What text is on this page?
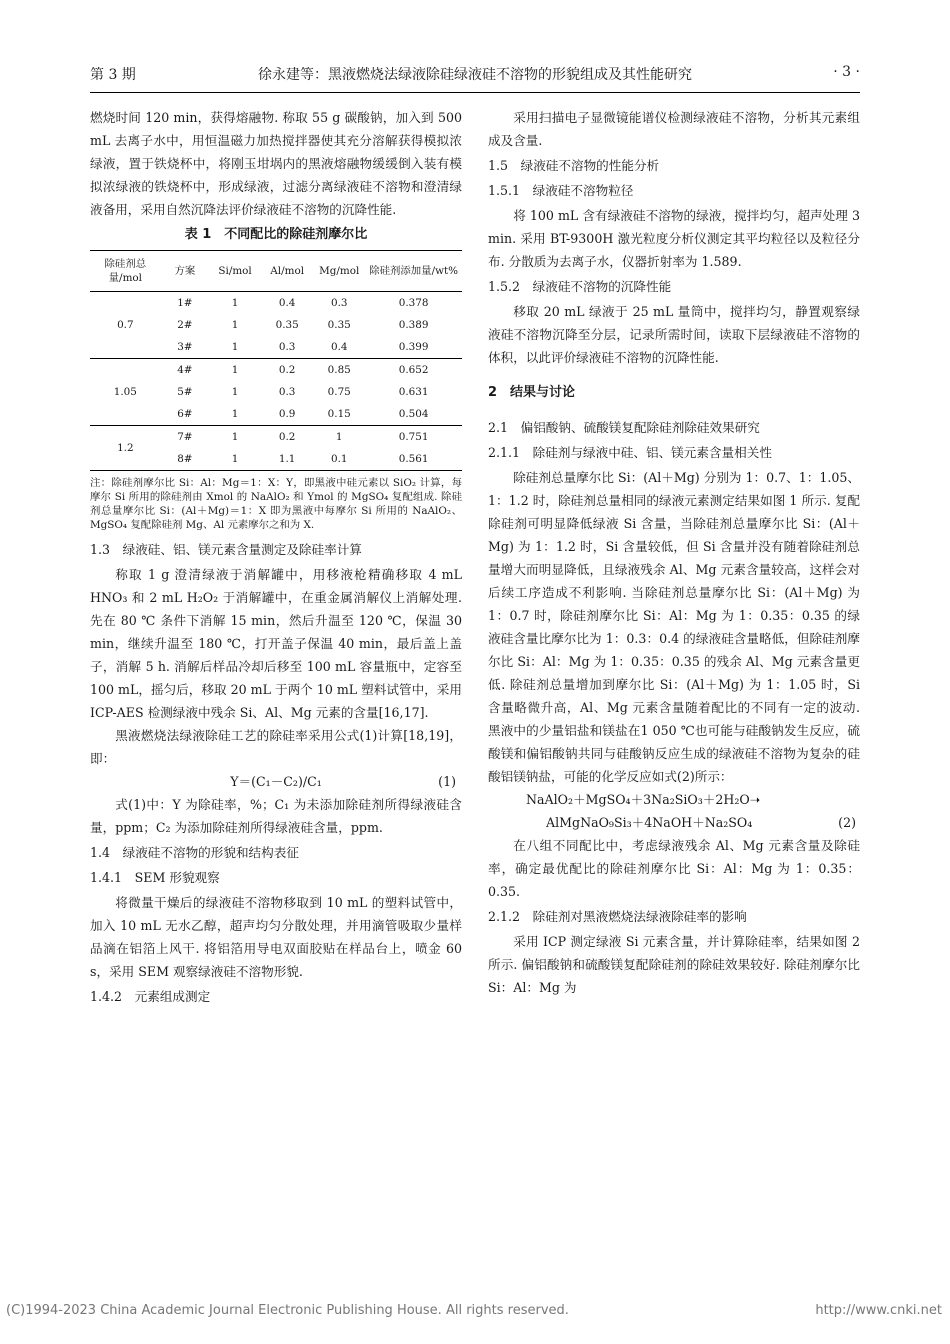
第 3 期	徐永建等：黑液燃烧法绿液除硅绿液硅不溶物的形貌组成及其性能研究	· 3 ·

燃烧时间 120 min，获得熔融物. 称取 55 g 碳酸钠，加入到 500 mL 去离子水中，用恒温磁力加热搅拌器使其充分溶解获得模拟浓绿液，置于铁烧杯中，将刚玉坩埚内的黑液熔融物缓缓倒入装有模拟浓绿液的铁烧杯中，形成绿液，过滤分离绿液硅不溶物和澄清绿液备用，采用自然沉降法评价绿液硅不溶物的沉降性能.

表 1　不同配比的除硅剂摩尔比
除硅剂总量/mol	方案	Si/mol	Al/mol	Mg/mol	除硅剂添加量/wt%
0.7	1#	1	0.4	0.3	0.378
	2#	1	0.35	0.35	0.389
	3#	1	0.3	0.4	0.399
1.05	4#	1	0.2	0.85	0.652
	5#	1	0.3	0.75	0.631
	6#	1	0.9	0.15	0.504
1.2	7#	1	0.2	1	0.751
	8#	1	1.1	0.1	0.561

注：除硅剂摩尔比 Si：Al：Mg＝1：X：Y，即黑液中硅元素以 SiO₂ 计算，每摩尔 Si 所用的除硅剂由 Xmol 的 NaAlO₂ 和 Ymol 的 MgSO₄ 复配组成. 除硅剂总量摩尔比 Si：(Al＋Mg)＝1：X 即为黑液中每摩尔 Si 所用的 NaAlO₂、MgSO₄ 复配除硅剂 Mg、Al 元素摩尔之和为 X.

1.3　绿液硅、铝、镁元素含量测定及除硅率计算

称取 1 g 澄清绿液于消解罐中，用移液枪精确移取 4 mL HNO₃ 和 2 mL H₂O₂ 于消解罐中，在重金属消解仪上消解处理. 先在 80 ℃ 条件下消解 15 min，然后升温至 120 ℃，保温 30 min，继续升温至 180 ℃，打开盖子保温 40 min，最后盖上盖子，消解 5 h. 消解后样品冷却后移至 100 mL 容量瓶中，定容至 100 mL，摇匀后，移取 20 mL 于两个 10 mL 塑料试管中，采用 ICP-AES 检测绿液中残余 Si、Al、Mg 元素的含量[16,17].

黑液燃烧法绿液除硅工艺的除硅率采用公式(1)计算[18,19]，即：

Y＝(C₁－C₂)/C₁	(1)

式(1)中：Y 为除硅率，%；C₁ 为未添加除硅剂所得绿液硅含量，ppm；C₂ 为添加除硅剂所得绿液硅含量，ppm.

1.4　绿液硅不溶物的形貌和结构表征

1.4.1　SEM 形貌观察

将微量干燥后的绿液硅不溶物移取到 10 mL 的塑料试管中，加入 10 mL 无水乙醇，超声均匀分散处理，并用滴管吸取少量样品滴在铝箔上风干. 将铝箔用导电双面胶贴在样品台上，喷金 60 s，采用 SEM 观察绿液硅不溶物形貌.

1.4.2　元素组成测定

采用扫描电子显微镜能谱仪检测绿液硅不溶物，分析其元素组成及含量.

1.5　绿液硅不溶物的性能分析

1.5.1　绿液硅不溶物粒径

将 100 mL 含有绿液硅不溶物的绿液，搅拌均匀，超声处理 3 min. 采用 BT-9300H 激光粒度分析仪测定其平均粒径以及粒径分布. 分散质为去离子水，仪器折射率为 1.589.

1.5.2　绿液硅不溶物的沉降性能

移取 20 mL 绿液于 25 mL 量筒中，搅拌均匀，静置观察绿液硅不溶物沉降至分层，记录所需时间，读取下层绿液硅不溶物的体积，以此评价绿液硅不溶物的沉降性能.

2　结果与讨论

2.1　偏铝酸钠、硫酸镁复配除硅剂除硅效果研究

2.1.1　除硅剂与绿液中硅、铝、镁元素含量相关性

除硅剂总量摩尔比 Si：(Al＋Mg) 分别为 1：0.7、1：1.05、1：1.2 时，除硅剂总量相同的绿液元素测定结果如图 1 所示. 复配除硅剂可明显降低绿液 Si 含量，当除硅剂总量摩尔比 Si：(Al＋Mg) 为 1：1.2 时，Si 含量较低，但 Si 含量并没有随着除硅剂总量增大而明显降低，且绿液残余 Al、Mg 元素含量较高，这样会对后续工序造成不利影响. 当除硅剂总量摩尔比 Si：(Al＋Mg) 为 1：0.7 时，除硅剂摩尔比 Si：Al：Mg 为 1：0.35：0.35 的绿液硅含量比摩尔比为 1：0.3：0.4 的绿液硅含量略低，但除硅剂摩尔比 Si：Al：Mg 为 1：0.35：0.35 的残余 Al、Mg 元素含量更低. 除硅剂总量增加到摩尔比 Si：(Al＋Mg) 为 1：1.05 时，Si 含量略微升高，Al、Mg 元素含量随着配比的不同有一定的波动. 黑液中的少量铝盐和镁盐在1 050 ℃也可能与硅酸钠发生反应，硫酸镁和偏铝酸钠共同与硅酸钠反应生成的绿液硅不溶物为复杂的硅酸铝镁钠盐，可能的化学反应如式(2)所示：

NaAlO₂＋MgSO₄＋3Na₂SiO₃＋2H₂O➝

AlMgNaO₉Si₃＋4NaOH＋Na₂SO₄	(2)

在八组不同配比中，考虑绿液残余 Al、Mg 元素含量及除硅率，确定最优配比的除硅剂摩尔比 Si：Al：Mg 为 1：0.35：0.35.

2.1.2　除硅剂对黑液燃烧法绿液除硅率的影响

采用 ICP 测定绿液 Si 元素含量，并计算除硅率，结果如图 2 所示. 偏铝酸钠和硫酸镁复配除硅剂的除硅效果较好. 除硅剂摩尔比 Si：Al：Mg 为

(C)1994-2023 China Academic Journal Electronic Publishing House. All rights reserved.	http://www.cnki.net
